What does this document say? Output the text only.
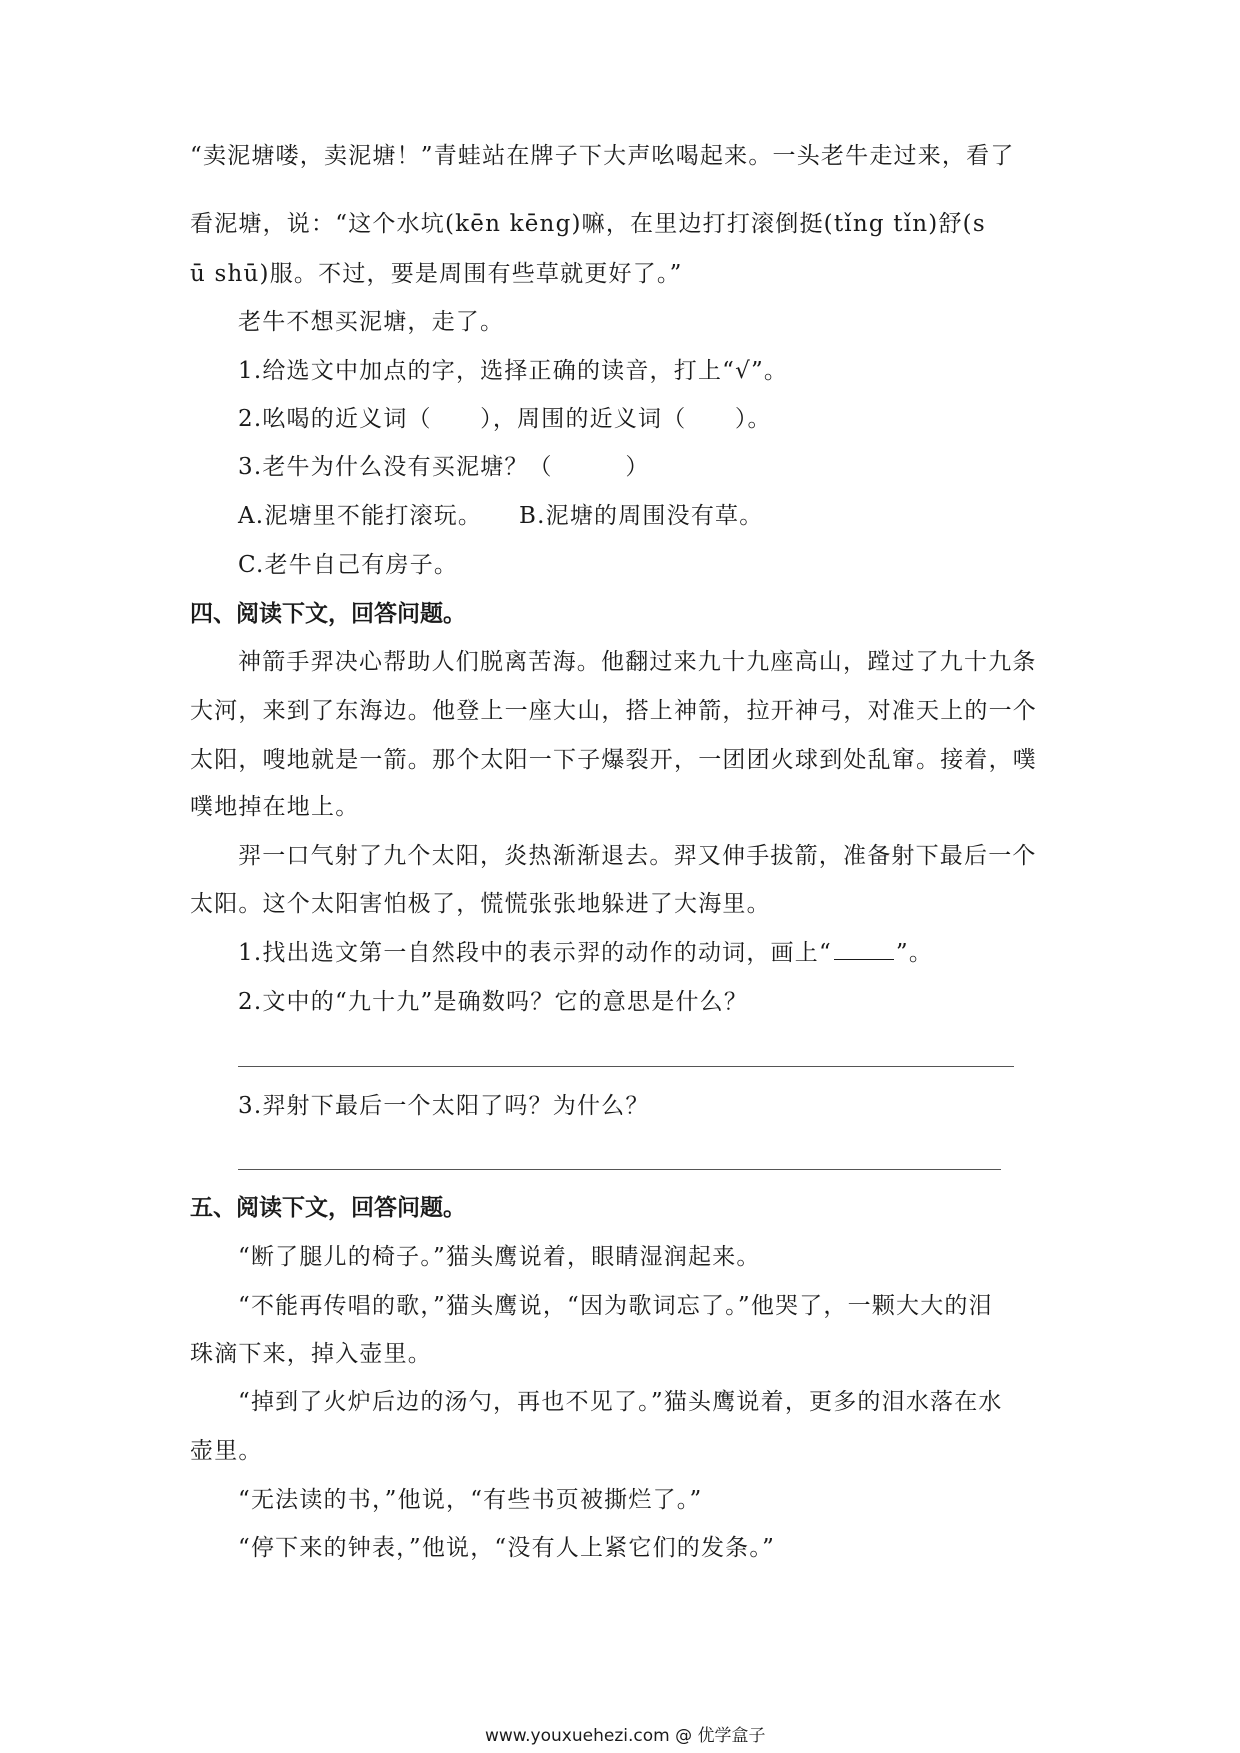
“卖泥塘喽，卖泥塘！”青蛙站在牌子下大声吆喝起来。一头老牛走过来，看了
看泥塘，说：“这个水坑(kēn kēng)嘛，在里边打打滚倒挺(tǐng tǐn)舒(s
ū shū)服。不过，要是周围有些草就更好了。”
老牛不想买泥塘，走了。
1.给选文中加点的字，选择正确的读音，打上“√”。
2.吆喝的近义词（　　），周围的近义词（　　）。
3.老牛为什么没有买泥塘？（　　　）
A.泥塘里不能打滚玩。　　B.泥塘的周围没有草。
C.老牛自己有房子。
四、阅读下文，回答问题。
神箭手羿决心帮助人们脱离苦海。他翻过来九十九座高山，蹚过了九十九条
大河，来到了东海边。他登上一座大山，搭上神箭，拉开神弓，对准天上的一个
太阳，嗖地就是一箭。那个太阳一下子爆裂开，一团团火球到处乱窜。接着，噗
噗地掉在地上。
羿一口气射了九个太阳，炎热渐渐退去。羿又伸手拔箭，准备射下最后一个
太阳。这个太阳害怕极了，慌慌张张地躲进了大海里。
1.找出选文第一自然段中的表示羿的动作的动词，画上“	”。
2.文中的“九十九”是确数吗？它的意思是什么？
3.羿射下最后一个太阳了吗？为什么？
五、阅读下文，回答问题。
“断了腿儿的椅子。”猫头鹰说着，眼睛湿润起来。
“不能再传唱的歌，”猫头鹰说，“因为歌词忘了。”他哭了，一颗大大的泪
珠滴下来，掉入壶里。
“掉到了火炉后边的汤勺，再也不见了。”猫头鹰说着，更多的泪水落在水
壶里。
“无法读的书，”他说，“有些书页被撕烂了。”
“停下来的钟表，”他说，“没有人上紧它们的发条。”
www.youxuehezi.com @ 优学盒子
